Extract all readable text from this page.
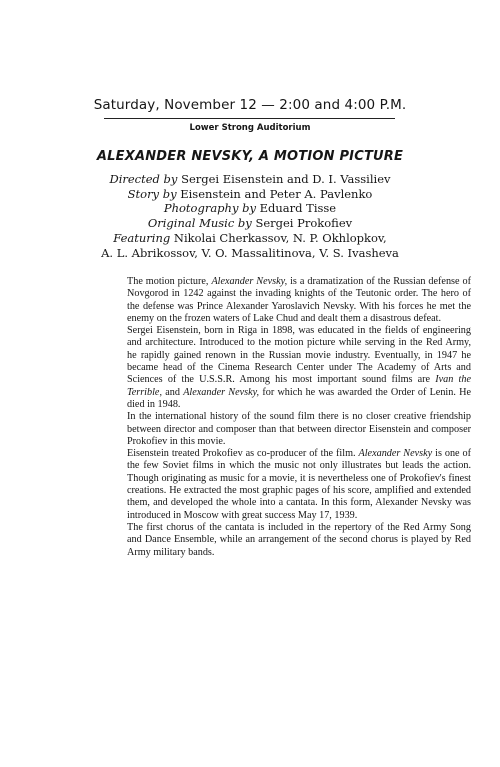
Saturday, November 12 — 2:00 and 4:00 P.M.
Lower Strong Auditorium
ALEXANDER NEVSKY, A MOTION PICTURE
Directed by Sergei Eisenstein and D. I. Vassiliev
Story by Eisenstein and Peter A. Pavlenko
Photography by Eduard Tisse
Original Music by Sergei Prokofiev
Featuring Nikolai Cherkassov, N. P. Okhlopkov,
A. L. Abrikossov, V. O. Massalitinova, V. S. Ivasheva

The motion picture, Alexander Nevsky, is a dramatization of the Russian defense of Novgorod in 1242 against the invading knights of the Teutonic order. The hero of the defense was Prince Alexander Yaroslavich Nevsky. With his forces he met the enemy on the frozen waters of Lake Chud and dealt them a disastrous defeat.

Sergei Eisenstein, born in Riga in 1898, was educated in the fields of engineering and architecture. Introduced to the motion picture while serving in the Red Army, he rapidly gained renown in the Russian movie industry. Eventually, in 1947 he became head of the Cinema Research Center under The Academy of Arts and Sciences of the U.S.S.R. Among his most important sound films are Ivan the Terrible, and Alexander Nevsky, for which he was awarded the Order of Lenin. He died in 1948.

In the international history of the sound film there is no closer creative friendship between director and composer than that between director Eisenstein and composer Prokofiev in this movie.

Eisenstein treated Prokofiev as co-producer of the film. Alexander Nevsky is one of the few Soviet films in which the music not only illustrates but leads the action. Though originating as music for a movie, it is nevertheless one of Prokofiev's finest creations. He extracted the most graphic pages of his score, amplified and extended them, and developed the whole into a cantata. In this form, Alexander Nevsky was introduced in Moscow with great success May 17, 1939.

The first chorus of the cantata is included in the repertory of the Red Army Song and Dance Ensemble, while an arrangement of the second chorus is played by Red Army military bands.
